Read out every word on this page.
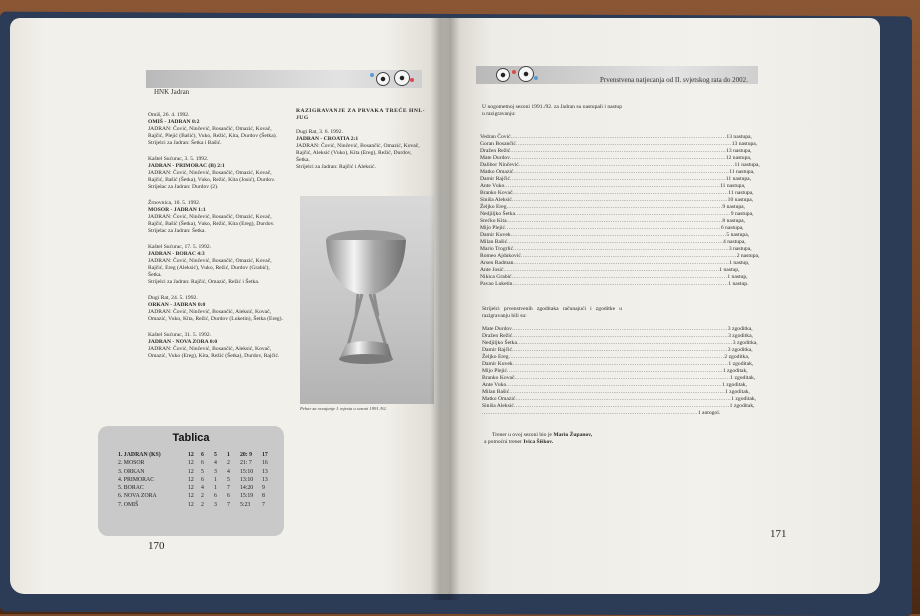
HNK Jadran
Omiš, 26. 4. 1992.
OMIŠ - JADRAN 0:2
JADRAN: Čović, Ninčević, Bosančić, Omazić, Kovač, Rajčić, Plejić (Bašić), Vuko, Režić, Kita, Durdov (Šetka).
Strijelci za Jadran: Šetka i Bašić.
Kaštel Sućurac, 3. 5. 1992.
JADRAN - PRIMORAC (B) 2:1
JADRAN: Čović, Ninčević, Bosančić, Omazić, Kovač, Rajčić, Bašić (Šetka), Vuko, Režić, Kita (Josić), Durdov.
Strijelac za Jadran: Durdov (2).
Žrnovnica, 10. 5. 1992.
MOSOR - JADRAN 1:1
JADRAN: Čović, Ninčević, Bosančić, Omazić, Kovač, Rajčić, Bašić (Šetka), Vuko, Režić, Kita (Ereg), Durdov.
Strijelac za Jadran: Šetka.
Kaštel Sućurac, 17. 5. 1992.
JADRAN - BORAC 4:3
JADRAN: Čović, Ninčević, Bosančić, Omazić, Kovač, Rajčić, Ereg (Aleksić), Vuko, Režić, Durdov (Grabić), Šetka.
Strijelci za Jadran: Rajčić, Omazić, Režić i Šetka.
Dugi Rat, 24. 5. 1992.
ORKAN - JADRAN 0:0
JADRAN: Čović, Ninčević, Bosančić, Aleksić, Kovač, Omazić, Vuko, Kita, Režić, Durdov (Luketin), Šetka (Ereg).
Kaštel Sućurac, 31. 5. 1992.
JADRAN - NOVA ZORA 0:0
JADRAN: Čović, Ninčević, Bosančić, Aleksić, Kovač, Omazić, Vuko (Ereg), Kita, Režić (Šetka), Durdov, Rajčić.
RAZIGRAVANJE ZA PRVAKA TREĆE HNL-JUG
Dugi Rat, 3. 6. 1992.
JADRAN - CROATIA 2:1
JADRAN: Čović, Ninčević, Bosančić, Omazić, Kovač, Rajčić, Aleksić (Vuko), Kita (Ereg), Režić, Durdov, Šetka.
Strijelci za Jadran: Rajčić i Aleksić.
Pehar za osvajanje I. mjesta u sezoni 1991./92.
Tablica
1. JADRAN (KS)	12	6	5	1	20: 9	17
2. MOSOR	12	6	4	2	21: 7	16
3. ORKAN	12	5	3	4	15:10	13
4. PRIMORAC	12	6	1	5	13:10	13
5. BORAC	12	4	1	7	14:20	9
6. NOVA ZORA	12	2	6	6	15:19	8
7. OMIŠ	12	2	3	7	5:23	7
170
Prvenstvena natjecanja od II. svjetskog rata do 2002.
U nogometnoj sezoni 1991./92. za Jadran su nastupali i nastup u razigravanju:
Vedran Čović ........................................................................................................................ 13 nastupa,
Goran Bosančić ........................................................................................................................ 13 nastupa,
Dražen Režić ........................................................................................................................ 13 nastupa,
Mate Durdov ........................................................................................................................ 12 nastupa,
Dalibor Ninčević ........................................................................................................................ 11 nastupa,
Matko Omazić ........................................................................................................................ 11 nastupa,
Damir Rajčić ........................................................................................................................ 11 nastupa,
Ante Vuko ........................................................................................................................ 11 nastupa,
Branko Kovač ........................................................................................................................ 11 nastupa,
Siniša Aleksić ........................................................................................................................ 10 nastupa,
Željko Ereg ........................................................................................................................ 9 nastupa,
Nedjiljko Šetka ........................................................................................................................ 9 nastupa,
Srećko Kita ........................................................................................................................ 8 nastupa,
Mijo Plejić ........................................................................................................................ 6 nastupa,
Damir Kuvek ........................................................................................................................ 5 nastupa,
Milan Bašić ........................................................................................................................ 4 nastupa,
Mario Trogrlić ........................................................................................................................ 3 nastupa,
Romeo Ajduković ........................................................................................................................ 2 nastupa,
Arsen Radman ........................................................................................................................ 1 nastup,
Ante Josić ........................................................................................................................ 1 nastup,
Nikica Grabić ........................................................................................................................ 1 nastup,
Pavao Luketin ........................................................................................................................ 1 nastup.
Strijelci prvenstvenih zgoditaka računajući i zgoditke u razigravanju bili su:
Mate Durdov ........................................................................................................................ 3 zgoditka,
Dražen Režić ........................................................................................................................ 3 zgoditka,
Nedjiljko Šetka ........................................................................................................................ 3 zgoditka,
Damir Rajčić ........................................................................................................................ 3 zgoditka,
Željko Ereg ........................................................................................................................ 2 zgoditka,
Damir Kuvek ........................................................................................................................ 1 zgoditak,
Mijo Plejić ........................................................................................................................ 1 zgoditak,
Branko Kovač ........................................................................................................................ 1 zgoditak,
Ante Vuko ........................................................................................................................ 1 zgoditak,
Milan Bašić ........................................................................................................................ 1 zgoditak,
Matko Omazić ........................................................................................................................ 1 zgoditak,
Siniša Aleksić ........................................................................................................................ 1 zgoditak,
........................................................................................................................ 1 autogol.
Trener u ovoj sezoni bio je Mario Županov,
a pomoćni trener Ivica Šiškov.
171
